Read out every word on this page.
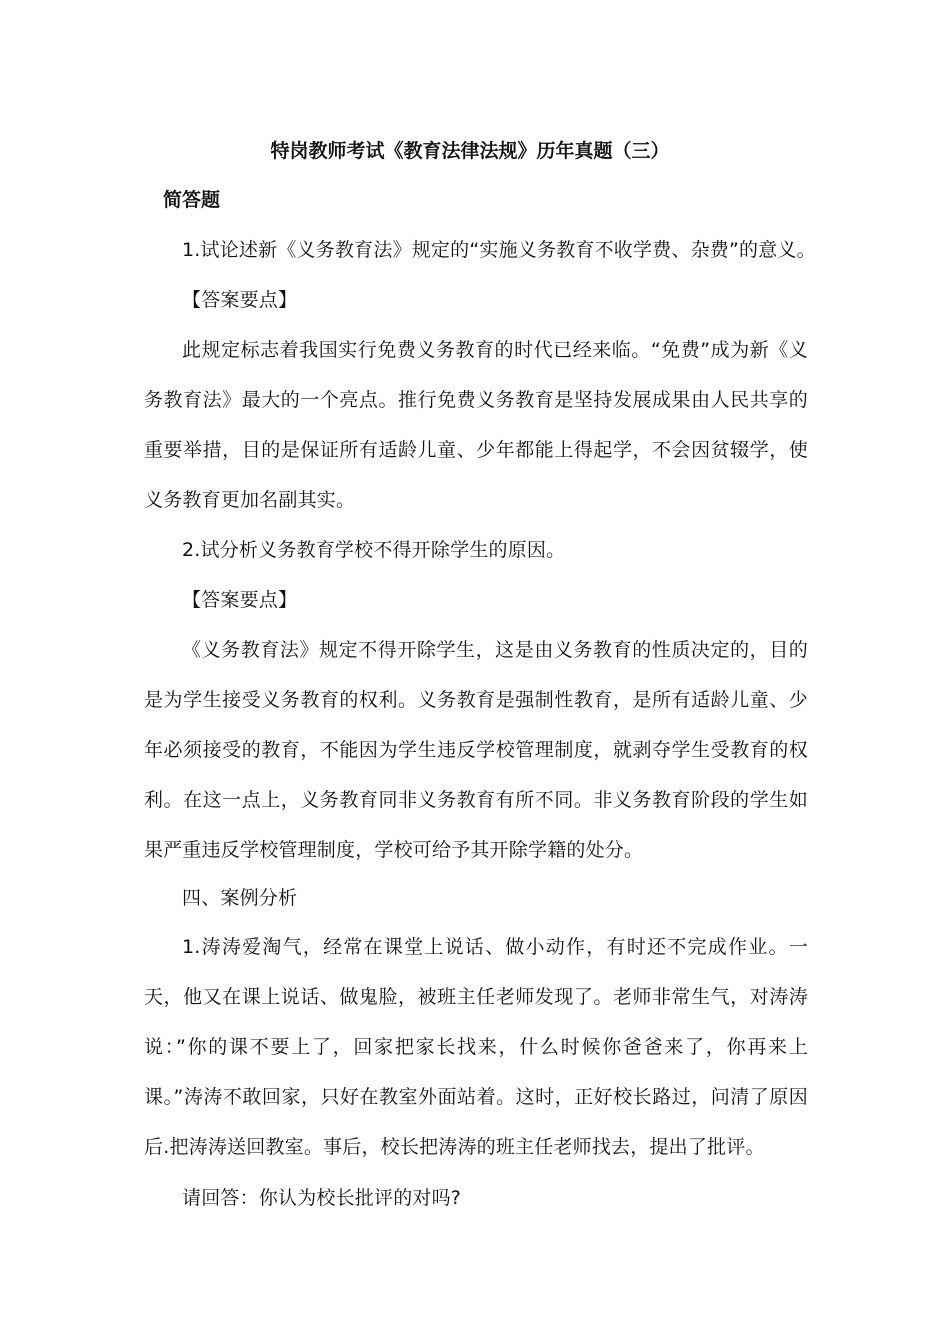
特岗教师考试《教育法律法规》历年真题（三）
简答题
1.试论述新《义务教育法》规定的“实施义务教育不收学费、杂费”的意义。
【答案要点】
此规定标志着我国实行免费义务教育的时代已经来临。“免费”成为新《义务教育法》最大的一个亮点。推行免费义务教育是坚持发展成果由人民共享的重要举措，目的是保证所有适龄儿童、少年都能上得起学，不会因贫辍学，使义务教育更加名副其实。
2.试分析义务教育学校不得开除学生的原因。
【答案要点】
《义务教育法》规定不得开除学生，这是由义务教育的性质决定的，目的是为学生接受义务教育的权利。义务教育是强制性教育，是所有适龄儿童、少年必须接受的教育，不能因为学生违反学校管理制度，就剥夺学生受教育的权利。在这一点上，义务教育同非义务教育有所不同。非义务教育阶段的学生如果严重违反学校管理制度，学校可给予其开除学籍的处分。
四、案例分析
1.涛涛爱淘气，经常在课堂上说话、做小动作，有时还不完成作业。一天，他又在课上说话、做鬼脸，被班主任老师发现了。老师非常生气，对涛涛说：”你的课不要上了，回家把家长找来，什么时候你爸爸来了，你再来上课。”涛涛不敢回家，只好在教室外面站着。这时，正好校长路过，问清了原因后.把涛涛送回教室。事后，校长把涛涛的班主任老师找去，提出了批评。
请回答：你认为校长批评的对吗?
